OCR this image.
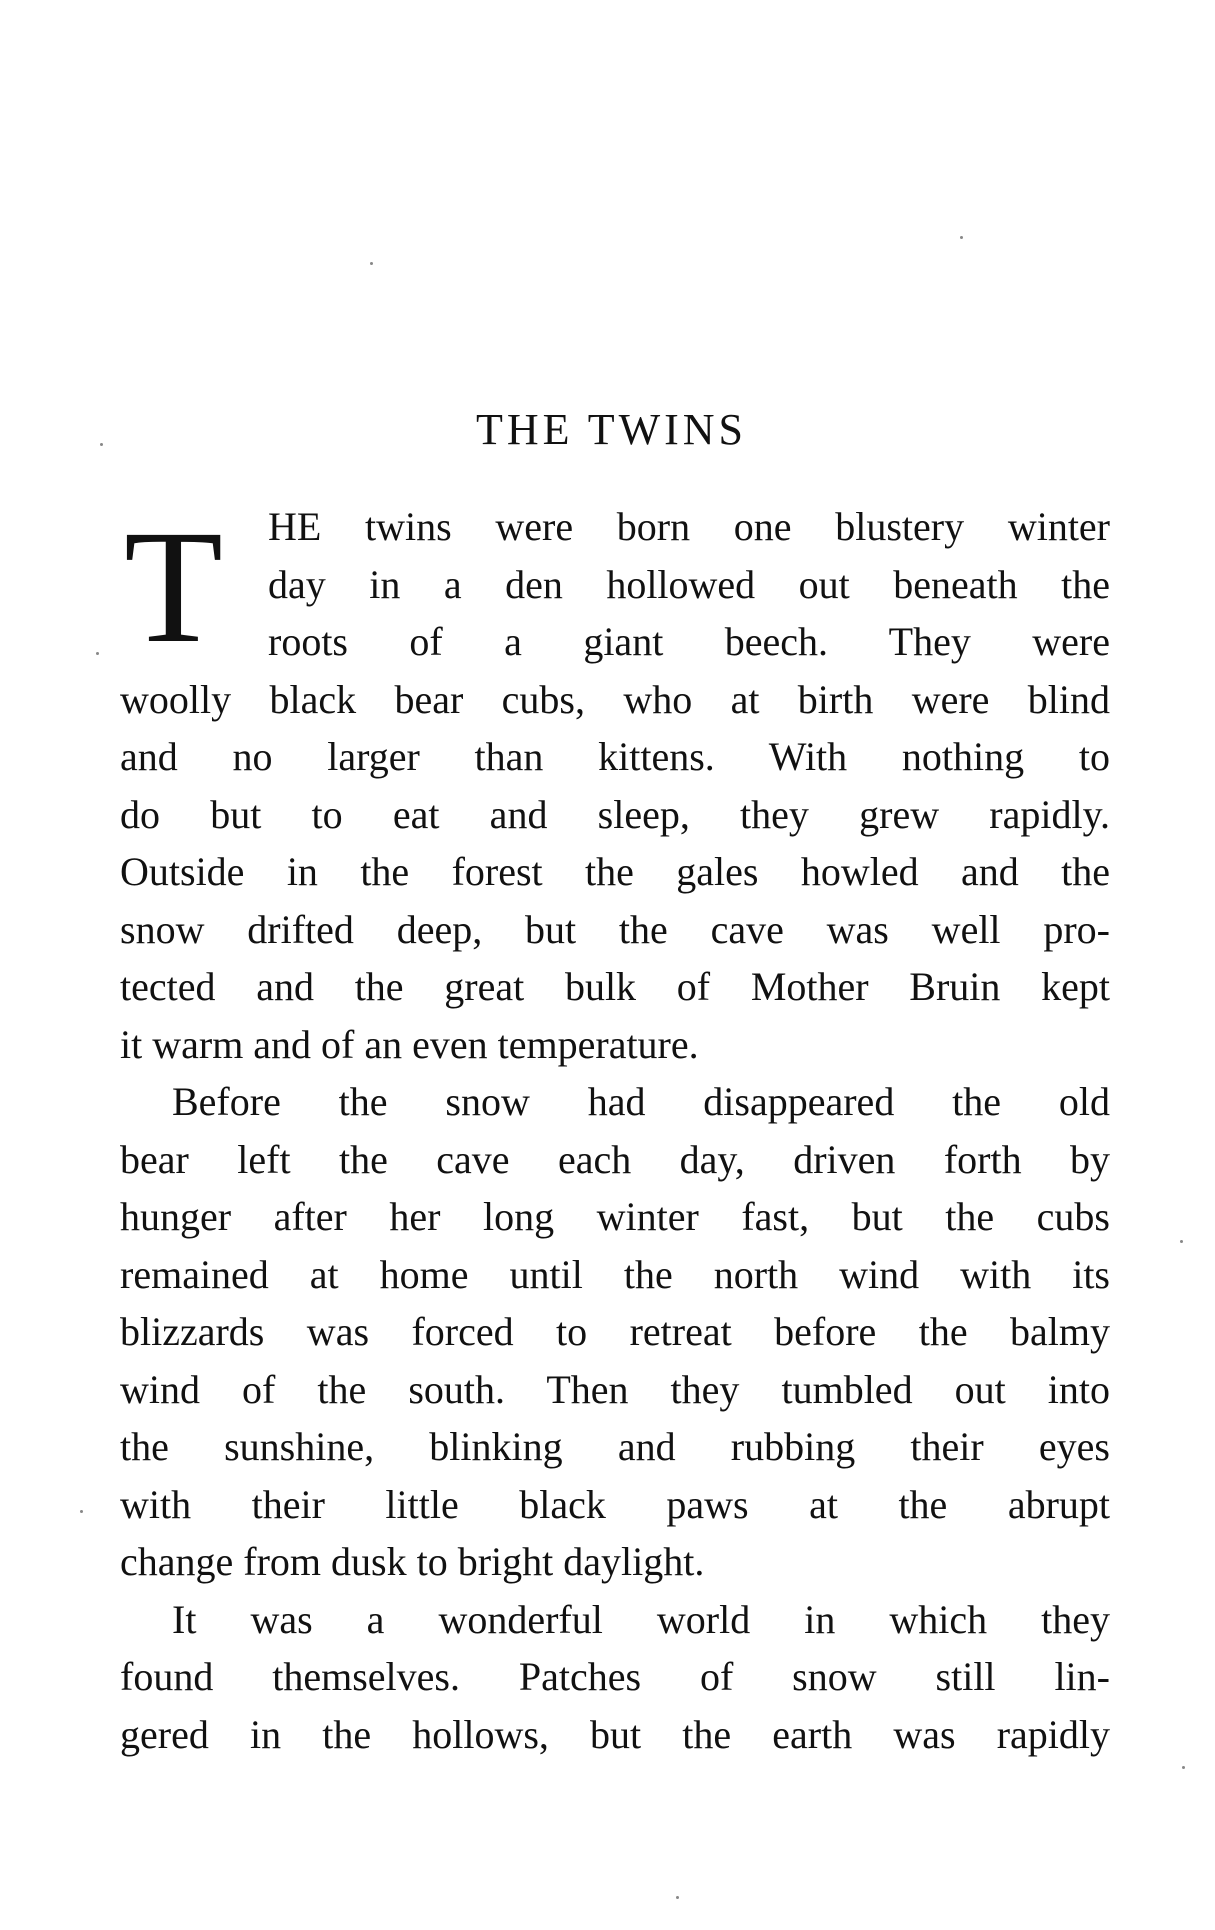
THE TWINS
T	HE twins were born one blustery winter
day in a den hollowed out beneath the
roots of a giant beech. They were
woolly black bear cubs, who at birth were blind
and no larger than kittens. With nothing to
do but to eat and sleep, they grew rapidly.
Outside in the forest the gales howled and the
snow drifted deep, but the cave was well pro-
tected and the great bulk of Mother Bruin kept
it warm and of an even temperature.
Before the snow had disappeared the old
bear left the cave each day, driven forth by
hunger after her long winter fast, but the cubs
remained at home until the north wind with its
blizzards was forced to retreat before the balmy
wind of the south. Then they tumbled out into
the sunshine, blinking and rubbing their eyes
with their little black paws at the abrupt
change from dusk to bright daylight.
It was a wonderful world in which they
found themselves. Patches of snow still lin-
gered in the hollows, but the earth was rapidly
